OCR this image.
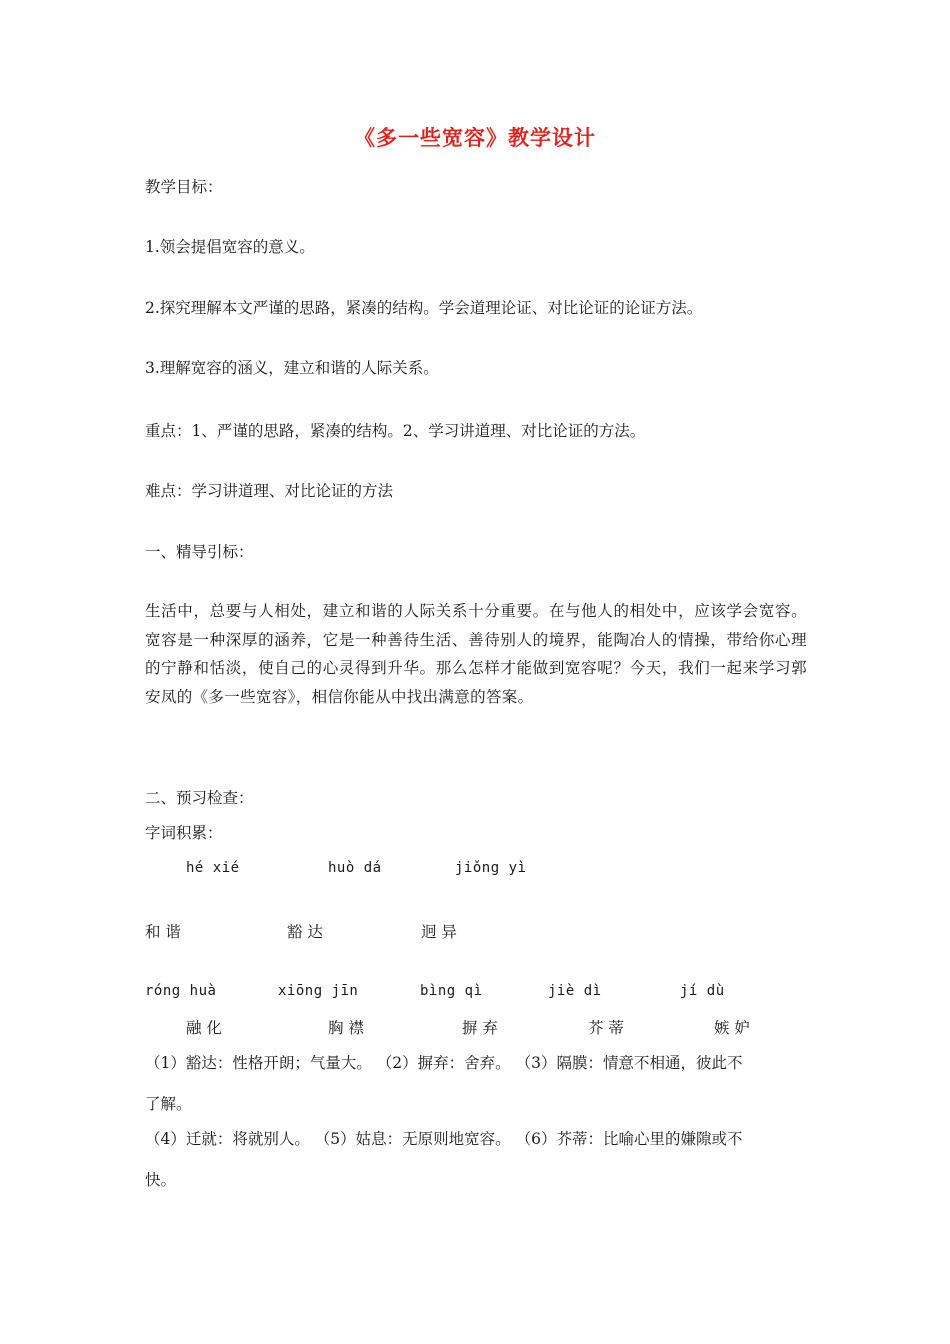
《多一些宽容》教学设计
教学目标：
1.领会提倡宽容的意义。
2.探究理解本文严谨的思路，紧凑的结构。学会道理论证、对比论证的论证方法。
3.理解宽容的涵义，建立和谐的人际关系。
重点：1、严谨的思路，紧凑的结构。2、学习讲道理、对比论证的方法。
难点：学习讲道理、对比论证的方法
一、精导引标：
生活中，总要与人相处，建立和谐的人际关系十分重要。在与他人的相处中，应该学会宽容。宽容是一种深厚的涵养，它是一种善待生活、善待别人的境界，能陶冶人的情操，带给你心理的宁静和恬淡，使自己的心灵得到升华。那么怎样才能做到宽容呢？今天，我们一起来学习郭安凤的《多一些宽容》，相信你能从中找出满意的答案。
二、预习检查：
字词积累：
hé xié	huò dá	jiǒng yì
和 谐	豁 达	迥 异
róng huà	xiōng jīn	bìng qì	jiè dì	jí dù
融 化	胸 襟	摒 弃	芥 蒂	嫉 妒
（1）豁达：性格开朗；气量大。 （2）摒弃：舍弃。 （3）隔膜：情意不相通，彼此不
了解。
（4）迁就：将就别人。 （5）姑息：无原则地宽容。 （6）芥蒂：比喻心里的嫌隙或不
快。
